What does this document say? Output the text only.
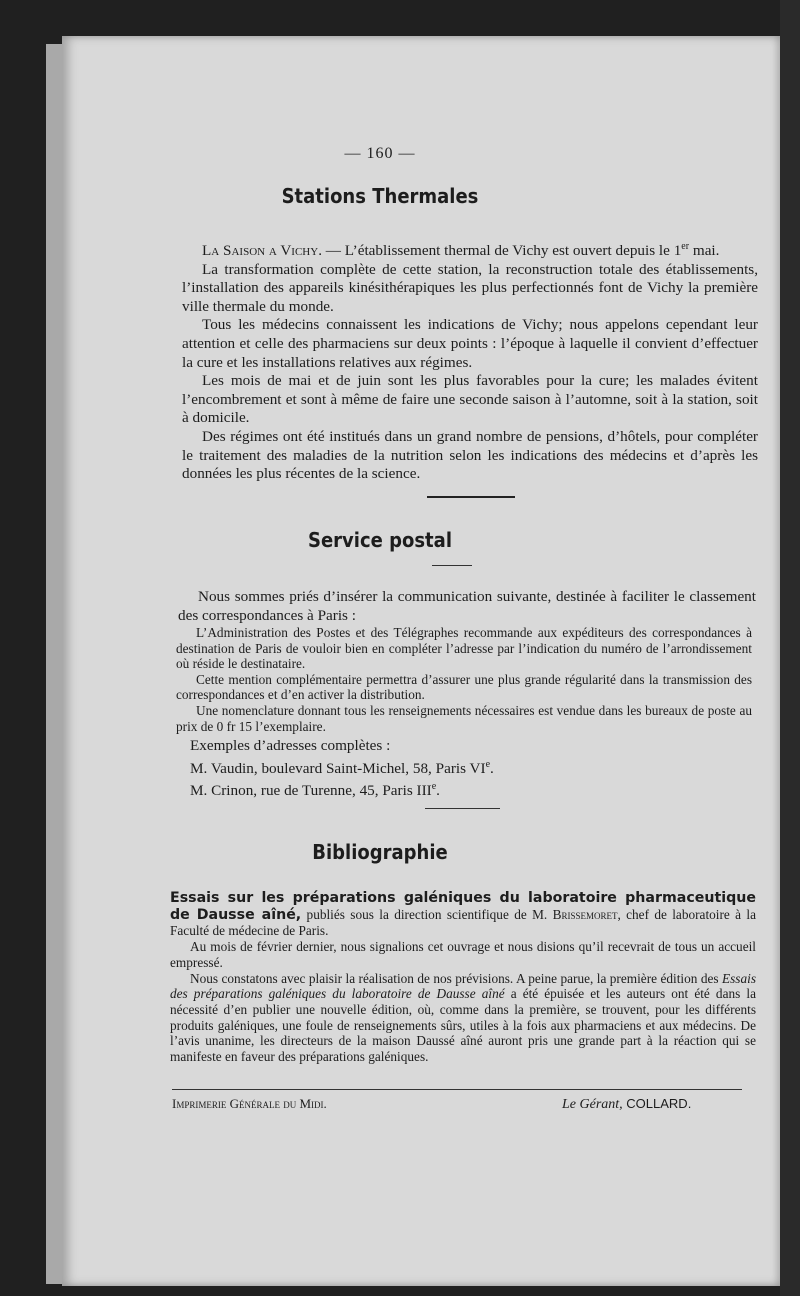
— 160 —
Stations Thermales
La Saison a Vichy. — L’établissement thermal de Vichy est ouvert depuis le 1er mai.
La transformation complète de cette station, la reconstruction totale des établissements, l’installation des appareils kinésithérapiques les plus perfectionnés font de Vichy la première ville thermale du monde.
Tous les médecins connaissent les indications de Vichy; nous appelons cependant leur attention et celle des pharmaciens sur deux points : l’époque à laquelle il convient d’effectuer la cure et les installations relatives aux régimes.
Les mois de mai et de juin sont les plus favorables pour la cure; les malades évitent l’encombrement et sont à même de faire une seconde saison à l’automne, soit à la station, soit à domicile.
Des régimes ont été institués dans un grand nombre de pensions, d’hôtels, pour compléter le traitement des maladies de la nutrition selon les indications des médecins et d’après les données les plus récentes de la science.
Service postal
Nous sommes priés d’insérer la communication suivante, destinée à faciliter le classement des correspondances à Paris :
L’Administration des Postes et des Télégraphes recommande aux expéditeurs des correspondances à destination de Paris de vouloir bien en compléter l’adresse par l’indication du numéro de l’arrondissement où réside le destinataire.
Cette mention complémentaire permettra d’assurer une plus grande régularité dans la transmission des correspondances et d’en activer la distribution.
Une nomenclature donnant tous les renseignements nécessaires est vendue dans les bureaux de poste au prix de 0 fr 15 l’exemplaire.
Exemples d’adresses complètes :
M. Vaudin, boulevard Saint-Michel, 58, Paris VIe.
M. Crinon, rue de Turenne, 45, Paris IIIe.
Bibliographie
Essais sur les préparations galéniques du laboratoire pharmaceutique de Dausse aîné, publiés sous la direction scientifique de M. Brissemoret, chef de laboratoire à la Faculté de médecine de Paris.
Au mois de février dernier, nous signalions cet ouvrage et nous disions qu’il recevrait de tous un accueil empressé.
Nous constatons avec plaisir la réalisation de nos prévisions. A peine parue, la première édition des Essais des préparations galéniques du laboratoire de Dausse aîné a été épuisée et les auteurs ont été dans la nécessité d’en publier une nouvelle édition, où, comme dans la première, se trouvent, pour les différents produits galéniques, une foule de renseignements sûrs, utiles à la fois aux pharmaciens et aux médecins. De l’avis unanime, les directeurs de la maison Daussé aîné auront pris une grande part à la réaction qui se manifeste en faveur des préparations galéniques.
Imprimerie Générale du Midi.	Le Gérant, COLLARD.
